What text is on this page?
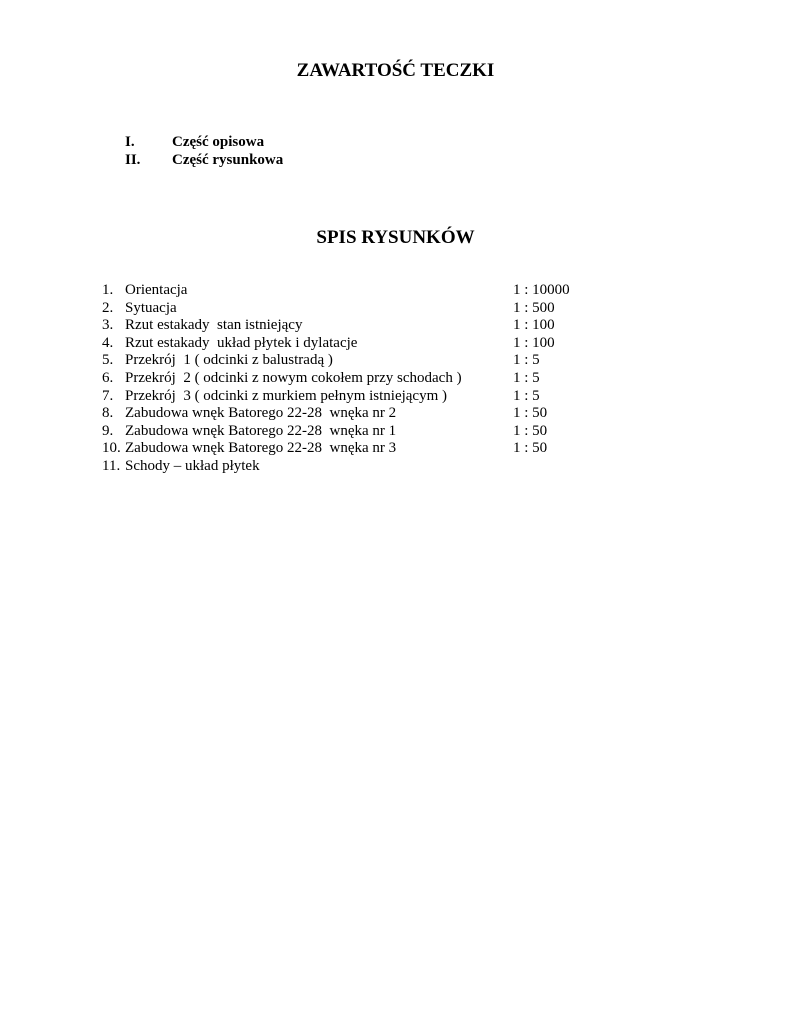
ZAWARTOŚĆ TECZKI
I. Część opisowa
II. Część rysunkowa
SPIS RYSUNKÓW
1. Orientacja	1 : 10000
2. Sytuacja	1 : 500
3. Rzut estakady  stan istniejący	1 : 100
4. Rzut estakady  układ płytek i dylatacje	1 : 100
5. Przekrój  1 ( odcinki z balustradą )	1 : 5
6. Przekrój  2 ( odcinki z nowym cokołem przy schodach )	1 : 5
7. Przekrój  3 ( odcinki z murkiem pełnym istniejącym )	1 : 5
8. Zabudowa wnęk Batorego 22-28  wnęka nr 2	1 : 50
9. Zabudowa wnęk Batorego 22-28  wnęka nr 1	1 : 50
10. Zabudowa wnęk Batorego 22-28  wnęka nr 3	1 : 50
11. Schody – układ płytek
